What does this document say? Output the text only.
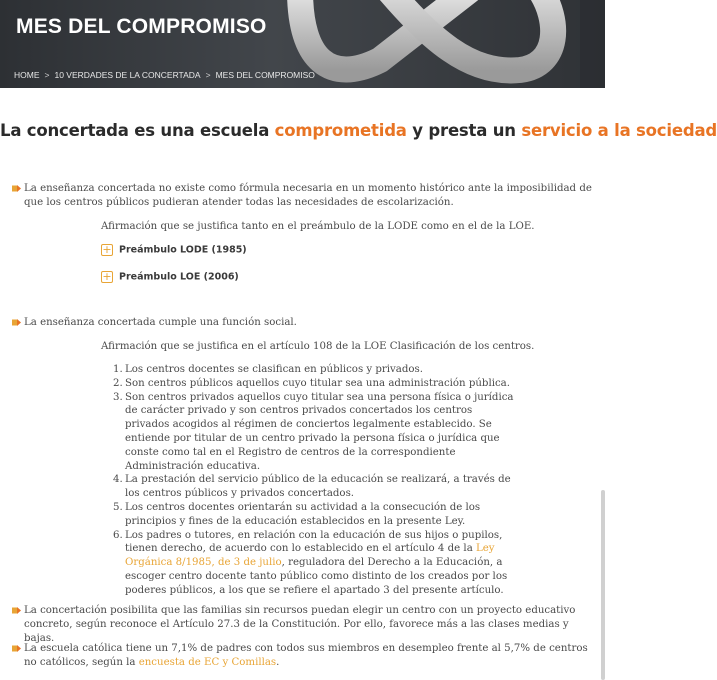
MES DEL COMPROMISO
HOME > 10 VERDADES DE LA CONCERTADA > MES DEL COMPROMISO
La concertada es una escuela comprometida y presta un servicio a la sociedad
La enseñanza concertada no existe como fórmula necesaria en un momento histórico ante la imposibilidad de que los centros públicos pudieran atender todas las necesidades de escolarización.
Afirmación que se justifica tanto en el preámbulo de la LODE como en el de la LOE.
+ Preámbulo LODE (1985)
+ Preámbulo LOE (2006)
La enseñanza concertada cumple una función social.
Afirmación que se justifica en el artículo 108 de la LOE Clasificación de los centros.
1. Los centros docentes se clasifican en públicos y privados.
2. Son centros públicos aquellos cuyo titular sea una administración pública.
3. Son centros privados aquellos cuyo titular sea una persona física o jurídica de carácter privado y son centros privados concertados los centros privados acogidos al régimen de conciertos legalmente establecido. Se entiende por titular de un centro privado la persona física o jurídica que conste como tal en el Registro de centros de la correspondiente Administración educativa.
4. La prestación del servicio público de la educación se realizará, a través de los centros públicos y privados concertados.
5. Los centros docentes orientarán su actividad a la consecución de los principios y fines de la educación establecidos en la presente Ley.
6. Los padres o tutores, en relación con la educación de sus hijos o pupilos, tienen derecho, de acuerdo con lo establecido en el artículo 4 de la Ley Orgánica 8/1985, de 3 de julio, reguladora del Derecho a la Educación, a escoger centro docente tanto público como distinto de los creados por los poderes públicos, a los que se refiere el apartado 3 del presente artículo.
La concertación posibilita que las familias sin recursos puedan elegir un centro con un proyecto educativo concreto, según reconoce el Artículo 27.3 de la Constitución. Por ello, favorece más a las clases medias y bajas.
La escuela católica tiene un 7,1% de padres con todos sus miembros en desempleo frente al 5,7% de centros no católicos, según la encuesta de EC y Comillas.
